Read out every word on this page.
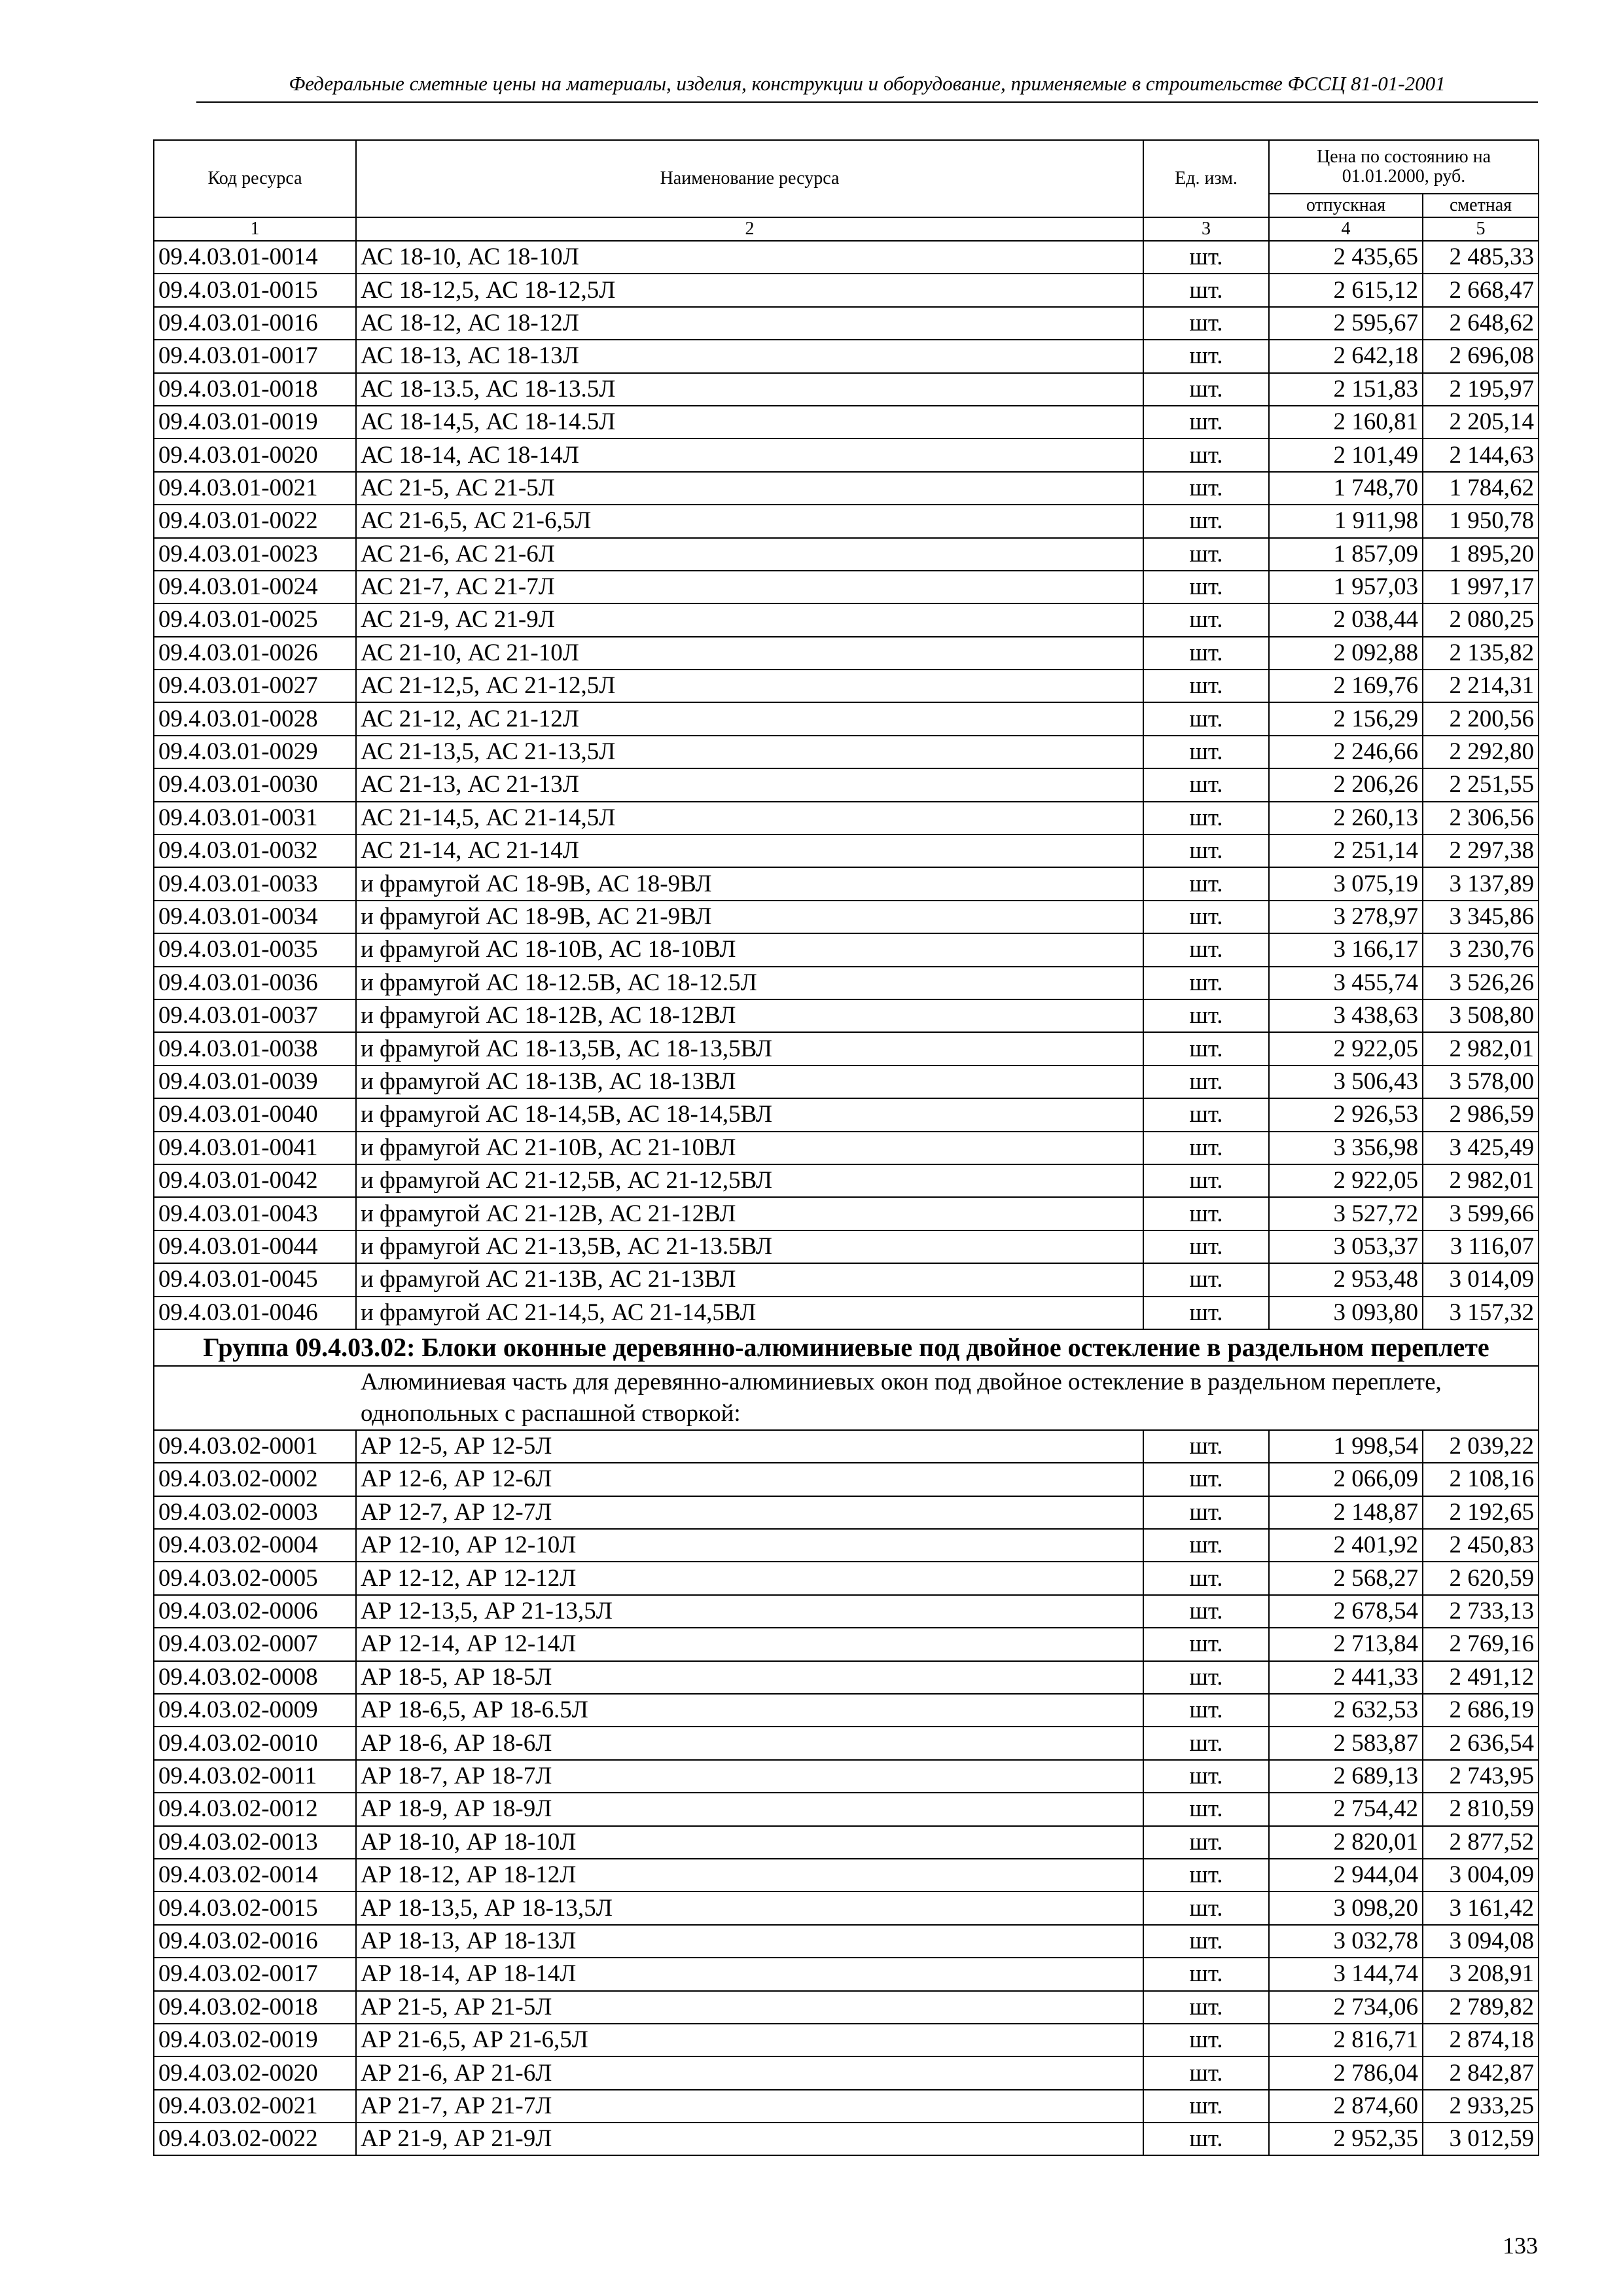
Федеральные сметные цены на материалы, изделия, конструкции и оборудование, применяемые в строительстве ФССЦ 81-01-2001
Код ресурса	Наименование ресурса	Ед. изм.	Цена по состоянию на 01.01.2000, руб.	
			отпускная	сметная
1	2	3	4	5
09.4.03.01-0014	АС 18-10, АС 18-10Л	шт.	2 435,65	2 485,33
09.4.03.01-0015	АС 18-12,5, АС 18-12,5Л	шт.	2 615,12	2 668,47
09.4.03.01-0016	АС 18-12, АС 18-12Л	шт.	2 595,67	2 648,62
09.4.03.01-0017	АС 18-13, АС 18-13Л	шт.	2 642,18	2 696,08
09.4.03.01-0018	АС 18-13.5, АС 18-13.5Л	шт.	2 151,83	2 195,97
09.4.03.01-0019	АС 18-14,5, АС 18-14.5Л	шт.	2 160,81	2 205,14
09.4.03.01-0020	АС 18-14, АС 18-14Л	шт.	2 101,49	2 144,63
09.4.03.01-0021	АС 21-5, АС 21-5Л	шт.	1 748,70	1 784,62
09.4.03.01-0022	АС 21-6,5, АС 21-6,5Л	шт.	1 911,98	1 950,78
09.4.03.01-0023	АС 21-6, АС 21-6Л	шт.	1 857,09	1 895,20
09.4.03.01-0024	АС 21-7, АС 21-7Л	шт.	1 957,03	1 997,17
09.4.03.01-0025	АС 21-9, АС 21-9Л	шт.	2 038,44	2 080,25
09.4.03.01-0026	АС 21-10, АС 21-10Л	шт.	2 092,88	2 135,82
09.4.03.01-0027	АС 21-12,5, АС 21-12,5Л	шт.	2 169,76	2 214,31
09.4.03.01-0028	АС 21-12, АС 21-12Л	шт.	2 156,29	2 200,56
09.4.03.01-0029	АС 21-13,5, АС 21-13,5Л	шт.	2 246,66	2 292,80
09.4.03.01-0030	АС 21-13, АС 21-13Л	шт.	2 206,26	2 251,55
09.4.03.01-0031	АС 21-14,5, АС 21-14,5Л	шт.	2 260,13	2 306,56
09.4.03.01-0032	АС 21-14, АС 21-14Л	шт.	2 251,14	2 297,38
09.4.03.01-0033	и фрамугой АС 18-9В, АС 18-9ВЛ	шт.	3 075,19	3 137,89
09.4.03.01-0034	и фрамугой АС 18-9В, АС 21-9ВЛ	шт.	3 278,97	3 345,86
09.4.03.01-0035	и фрамугой АС 18-10В, АС 18-10ВЛ	шт.	3 166,17	3 230,76
09.4.03.01-0036	и фрамугой АС 18-12.5В, АС 18-12.5Л	шт.	3 455,74	3 526,26
09.4.03.01-0037	и фрамугой АС 18-12В, АС 18-12ВЛ	шт.	3 438,63	3 508,80
09.4.03.01-0038	и фрамугой АС 18-13,5В, АС 18-13,5ВЛ	шт.	2 922,05	2 982,01
09.4.03.01-0039	и фрамугой АС 18-13В, АС 18-13ВЛ	шт.	3 506,43	3 578,00
09.4.03.01-0040	и фрамугой АС 18-14,5В, АС 18-14,5ВЛ	шт.	2 926,53	2 986,59
09.4.03.01-0041	и фрамугой АС 21-10В, АС 21-10ВЛ	шт.	3 356,98	3 425,49
09.4.03.01-0042	и фрамугой АС 21-12,5В, АС 21-12,5ВЛ	шт.	2 922,05	2 982,01
09.4.03.01-0043	и фрамугой АС 21-12В, АС 21-12ВЛ	шт.	3 527,72	3 599,66
09.4.03.01-0044	и фрамугой АС 21-13,5В, АС 21-13.5ВЛ	шт.	3 053,37	3 116,07
09.4.03.01-0045	и фрамугой АС 21-13В, АС 21-13ВЛ	шт.	2 953,48	3 014,09
09.4.03.01-0046	и фрамугой АС 21-14,5, АС 21-14,5ВЛ	шт.	3 093,80	3 157,32
Группа 09.4.03.02: Блоки оконные деревянно-алюминиевые под двойное остекление в раздельном переплете				
Алюминиевая часть для деревянно-алюминиевых окон под двойное остекление в раздельном переплете, однопольных с распашной створкой:				
09.4.03.02-0001	АР 12-5, АР 12-5Л	шт.	1 998,54	2 039,22
09.4.03.02-0002	АР 12-6, АР 12-6Л	шт.	2 066,09	2 108,16
09.4.03.02-0003	АР 12-7, АР 12-7Л	шт.	2 148,87	2 192,65
09.4.03.02-0004	АР 12-10, АР 12-10Л	шт.	2 401,92	2 450,83
09.4.03.02-0005	АР 12-12, АР 12-12Л	шт.	2 568,27	2 620,59
09.4.03.02-0006	АР 12-13,5, АР 21-13,5Л	шт.	2 678,54	2 733,13
09.4.03.02-0007	АР 12-14, АР 12-14Л	шт.	2 713,84	2 769,16
09.4.03.02-0008	АР 18-5, АР 18-5Л	шт.	2 441,33	2 491,12
09.4.03.02-0009	АР 18-6,5, АР 18-6.5Л	шт.	2 632,53	2 686,19
09.4.03.02-0010	АР 18-6, АР 18-6Л	шт.	2 583,87	2 636,54
09.4.03.02-0011	АР 18-7, АР 18-7Л	шт.	2 689,13	2 743,95
09.4.03.02-0012	АР 18-9, АР 18-9Л	шт.	2 754,42	2 810,59
09.4.03.02-0013	АР 18-10, АР 18-10Л	шт.	2 820,01	2 877,52
09.4.03.02-0014	АР 18-12, АР 18-12Л	шт.	2 944,04	3 004,09
09.4.03.02-0015	АР 18-13,5, АР 18-13,5Л	шт.	3 098,20	3 161,42
09.4.03.02-0016	АР 18-13, АР 18-13Л	шт.	3 032,78	3 094,08
09.4.03.02-0017	АР 18-14, АР 18-14Л	шт.	3 144,74	3 208,91
09.4.03.02-0018	АР 21-5, АР 21-5Л	шт.	2 734,06	2 789,82
09.4.03.02-0019	АР 21-6,5, АР 21-6,5Л	шт.	2 816,71	2 874,18
09.4.03.02-0020	АР 21-6, АР 21-6Л	шт.	2 786,04	2 842,87
09.4.03.02-0021	АР 21-7, АР 21-7Л	шт.	2 874,60	2 933,25
09.4.03.02-0022	АР 21-9, АР 21-9Л	шт.	2 952,35	3 012,59
133
